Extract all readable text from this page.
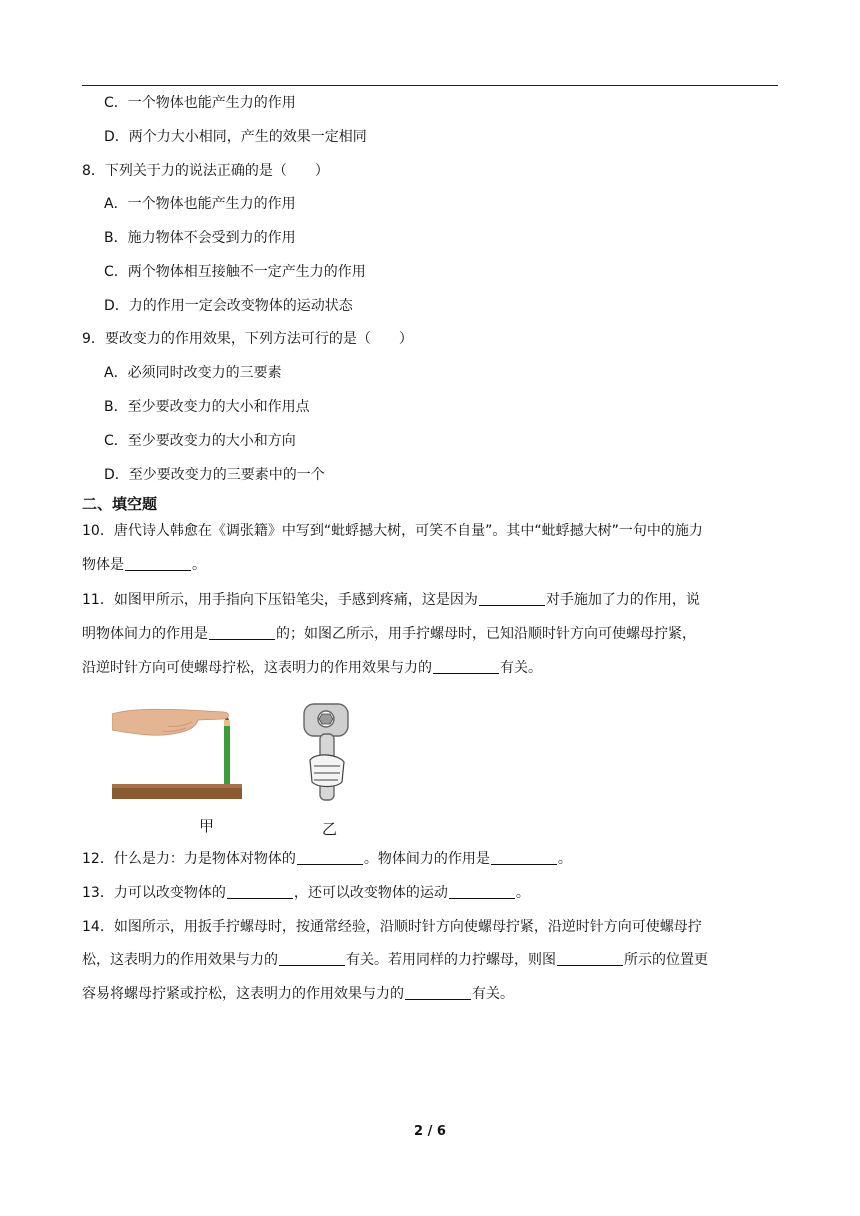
C．一个物体也能产生力的作用
D．两个力大小相同，产生的效果一定相同
8．下列关于力的说法正确的是（　　）
A．一个物体也能产生力的作用
B．施力物体不会受到力的作用
C．两个物体相互接触不一定产生力的作用
D．力的作用一定会改变物体的运动状态
9．要改变力的作用效果，下列方法可行的是（　　）
A．必须同时改变力的三要素
B．至少要改变力的大小和作用点
C．至少要改变力的大小和方向
D．至少要改变力的三要素中的一个
二、填空题
10．唐代诗人韩愈在《调张籍》中写到“蚍蜉撼大树，可笑不自量”。其中“蚍蜉撼大树”一句中的施力
物体是	。
11．如图甲所示，用手指向下压铅笔尖，手感到疼痛，这是因为	对手施加了力的作用，说
明物体间力的作用是	的；如图乙所示，用手拧螺母时，已知沿顺时针方向可使螺母拧紧，
沿逆时针方向可使螺母拧松，这表明力的作用效果与力的	有关。
甲	乙
12．什么是力：力是物体对物体的	。物体间力的作用是	。
13．力可以改变物体的	，还可以改变物体的运动	。
14．如图所示，用扳手拧螺母时，按通常经验，沿顺时针方向使螺母拧紧，沿逆时针方向可使螺母拧
松，这表明力的作用效果与力的	有关。若用同样的力拧螺母，则图	所示的位置更
容易将螺母拧紧或拧松，这表明力的作用效果与力的	有关。
2 / 6
